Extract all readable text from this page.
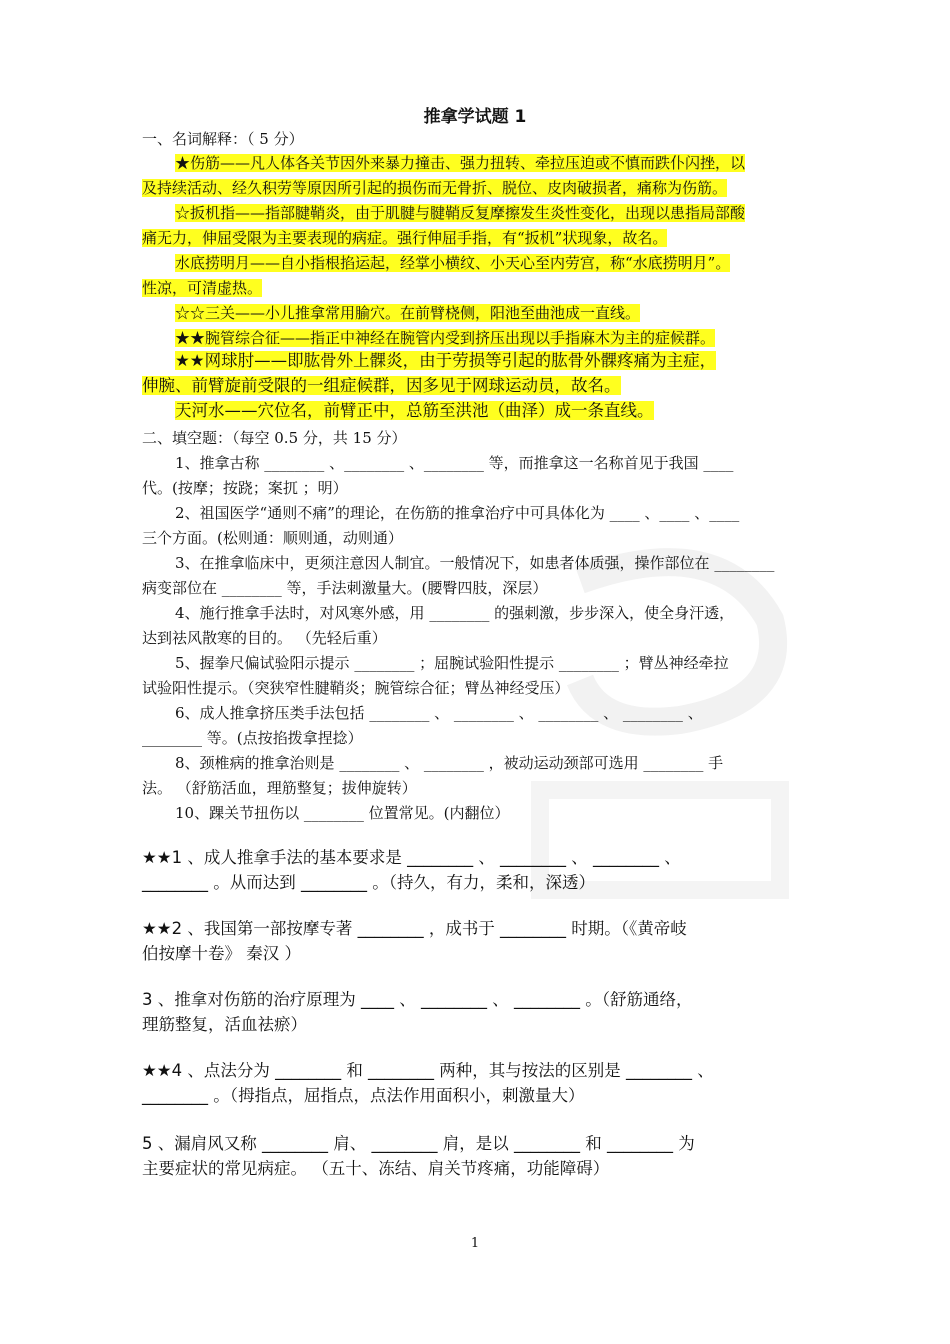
推拿学试题 1
一、名词解释：（ 5 分）
★伤筋——凡人体各关节因外来暴力撞击、强力扭转、牵拉压迫或不慎而跌仆闪挫，以
及持续活动、经久积劳等原因所引起的损伤而无骨折、脱位、皮肉破损者，痛称为伤筋。
☆扳机指——指部腱鞘炎，由于肌腱与腱鞘反复摩擦发生炎性变化，出现以患指局部酸
痛无力，伸屈受限为主要表现的病症。强行伸屈手指，有“扳机”状现象，故名。
水底捞明月——自小指根掐运起，经掌小横纹、小天心至内劳宫，称“水底捞明月”。
性凉，可清虚热。
☆☆三关——小儿推拿常用腧穴。在前臂桡侧，阳池至曲池成一直线。
★★腕管综合征——指正中神经在腕管内受到挤压出现以手指麻木为主的症候群。
★★网球肘——即肱骨外上髁炎，由于劳损等引起的肱骨外髁疼痛为主症，
伸腕、前臂旋前受限的一组症候群，因多见于网球运动员，故名。
天河水——穴位名，前臂正中，总筋至洪池（曲泽）成一条直线。
二、填空题：（每空 0.5 分，共 15 分）
1、推拿古称 ________ 、________ 、________ 等，而推拿这一名称首见于我国 ____
代。(按摩；按跷；案扤 ；明）
2、祖国医学“通则不痛”的理论，在伤筋的推拿治疗中可具体化为 ____ 、____ 、____
三个方面。(松则通：顺则通，动则通）
3、在推拿临床中，更须注意因人制宜。一般情况下，如患者体质强，操作部位在 ________
病变部位在 ________ 等，手法刺激量大。(腰臀四肢，深层）
4、施行推拿手法时，对风寒外感，用 ________ 的强刺激，步步深入，使全身汗透，
达到祛风散寒的目的。 （先轻后重）
5、握拳尺偏试验阳示提示 ________ ；屈腕试验阳性提示 ________ ；臂丛神经牵拉
试验阳性提示。（突狭窄性腱鞘炎；腕管综合征；臂丛神经受压）
6、成人推拿挤压类手法包括 ________ 、 ________ 、 ________ 、 ________ 、
________ 等。(点按掐拨拿捏捻）
8、颈椎病的推拿治则是 ________ 、 ________ ，被动运动颈部可选用 ________ 手
法。 （舒筋活血，理筋整复；拔伸旋转）
10、踝关节扭伤以 ________ 位置常见。(内翻位）
★★1 、成人推拿手法的基本要求是 ________ 、 ________ 、 ________ 、
________ 。从而达到 ________ 。（持久，有力，柔和，深透）
★★2 、我国第一部按摩专著 ________ ，成书于 ________ 时期。（《黄帝岐
伯按摩十卷》 秦汉 ）
3 、推拿对伤筋的治疗原理为 ____ 、 ________ 、 ________ 。（舒筋通络，
理筋整复，活血祛瘀）
★★4 、点法分为 ________ 和 ________ 两种，其与按法的区别是 ________ 、
________ 。（拇指点，屈指点，点法作用面积小，刺激量大）
5 、漏肩风又称 ________ 肩、 ________ 肩，是以 ________ 和 ________ 为
主要症状的常见病症。 （五十、冻结、肩关节疼痛，功能障碍）
1
